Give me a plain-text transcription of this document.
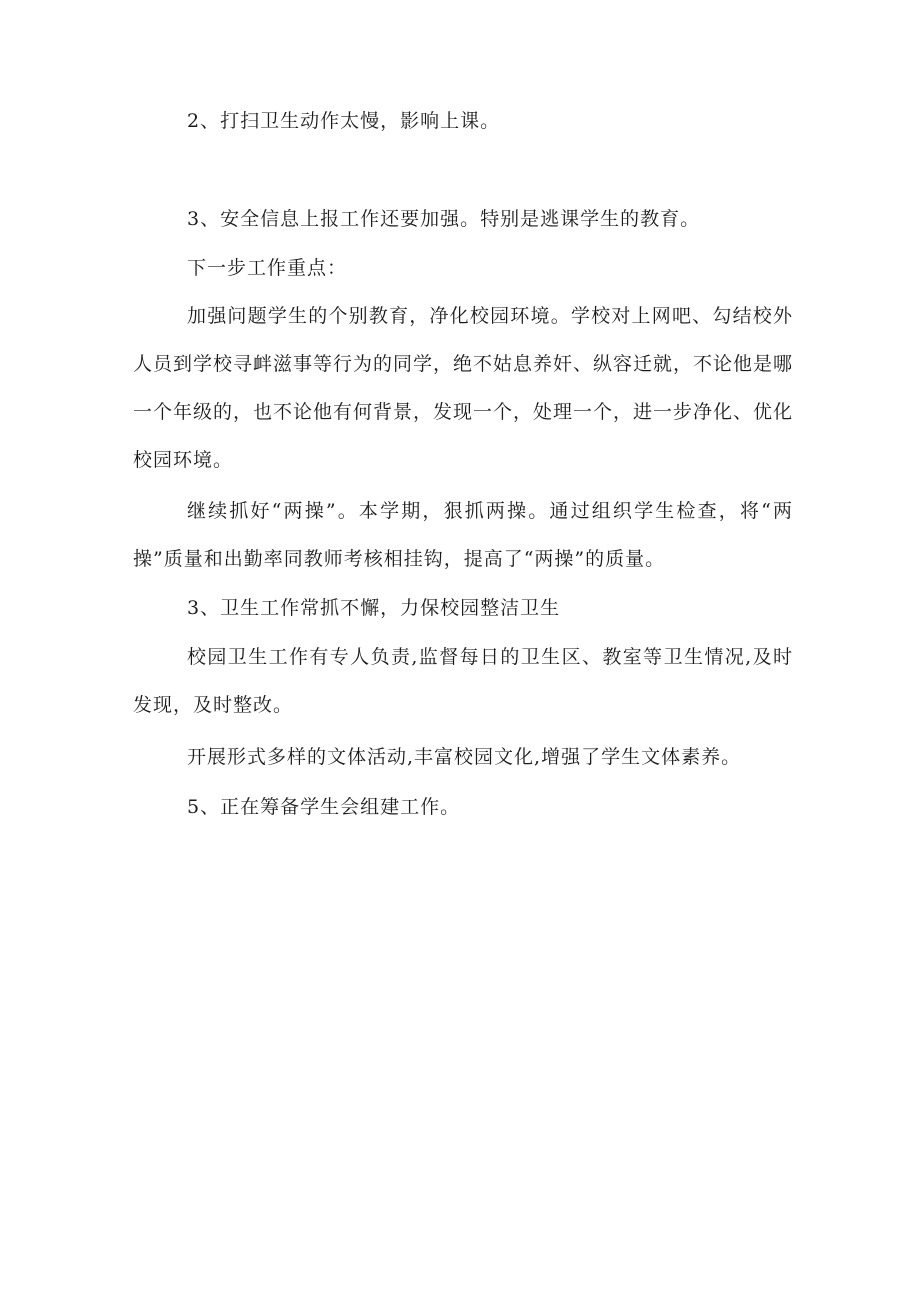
2、打扫卫生动作太慢，影响上课。

3、安全信息上报工作还要加强。特别是逃课学生的教育。

下一步工作重点：

加强问题学生的个别教育，净化校园环境。学校对上网吧、勾结校外人员到学校寻衅滋事等行为的同学，绝不姑息养奸、纵容迁就，不论他是哪一个年级的，也不论他有何背景，发现一个，处理一个，进一步净化、优化校园环境。

继续抓好“两操”。本学期，狠抓两操。通过组织学生检查，将“两操”质量和出勤率同教师考核相挂钩，提高了“两操”的质量。

3、卫生工作常抓不懈，力保校园整洁卫生

校园卫生工作有专人负责,监督每日的卫生区、教室等卫生情况,及时发现，及时整改。

开展形式多样的文体活动,丰富校园文化,增强了学生文体素养。

5、正在筹备学生会组建工作。
